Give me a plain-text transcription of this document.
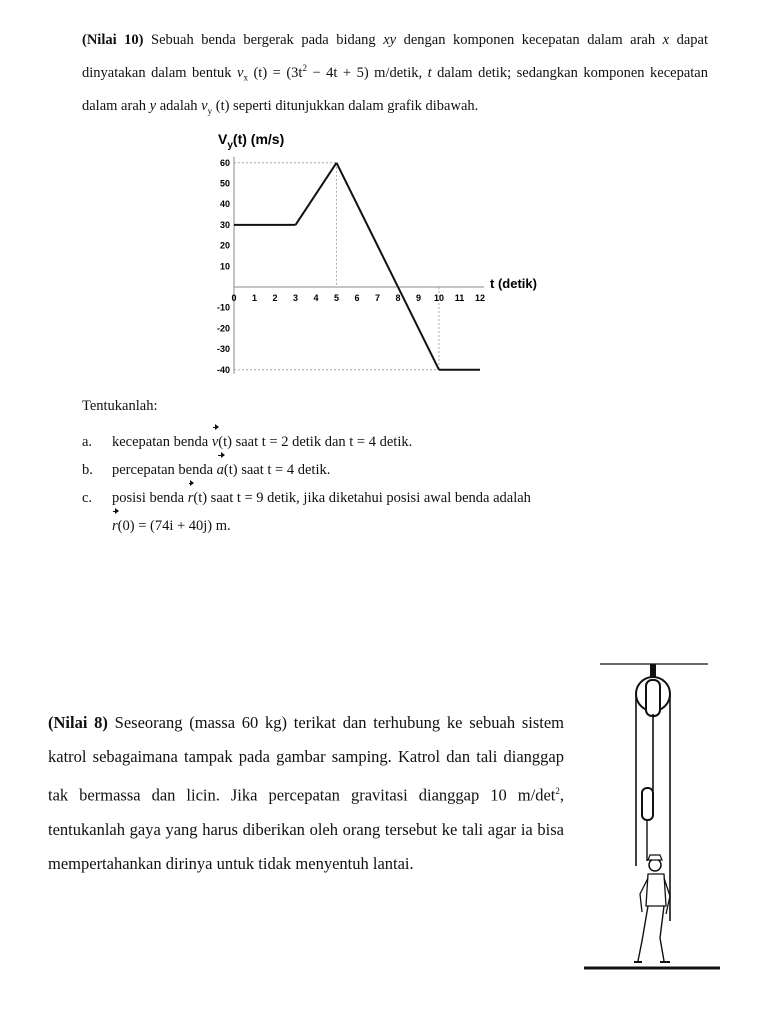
(Nilai 10) Sebuah benda bergerak pada bidang xy dengan komponen kecepatan dalam arah x dapat dinyatakan dalam bentuk $v_x$ $(t) = (3t^2 - 4t + 5)$ m/detik, t dalam detik; sedangkan komponen kecepatan dalam arah y adalah $v_y$ (t) seperti ditunjukkan dalam grafik dibawah.
$V_y(t)$ (m/s)
t (detik)
60
50
40
30
20
10
-10
-20
-30
-40
0 1 2 3 4 5 6 7 8 9 10 11 12
Tentukanlah:
a.	kecepatan benda v(t) saat t = 2 detik dan t = 4 detik.
b.	percepatan benda a(t) saat t = 4 detik.
c.	posisi benda r(t) saat t = 9 detik, jika diketahui posisi awal benda adalah
r(0) = (74i + 40j) m.
(Nilai 8) Seseorang (massa 60 kg) terikat dan terhubung ke sebuah sistem katrol sebagaimana tampak pada gambar samping. Katrol dan tali dianggap tak bermassa dan licin. Jika percepatan gravitasi dianggap 10 $m/\det^2$, tentukanlah gaya yang harus diberikan oleh orang tersebut ke tali agar ia bisa mempertahankan dirinya untuk tidak menyentuh lantai.
